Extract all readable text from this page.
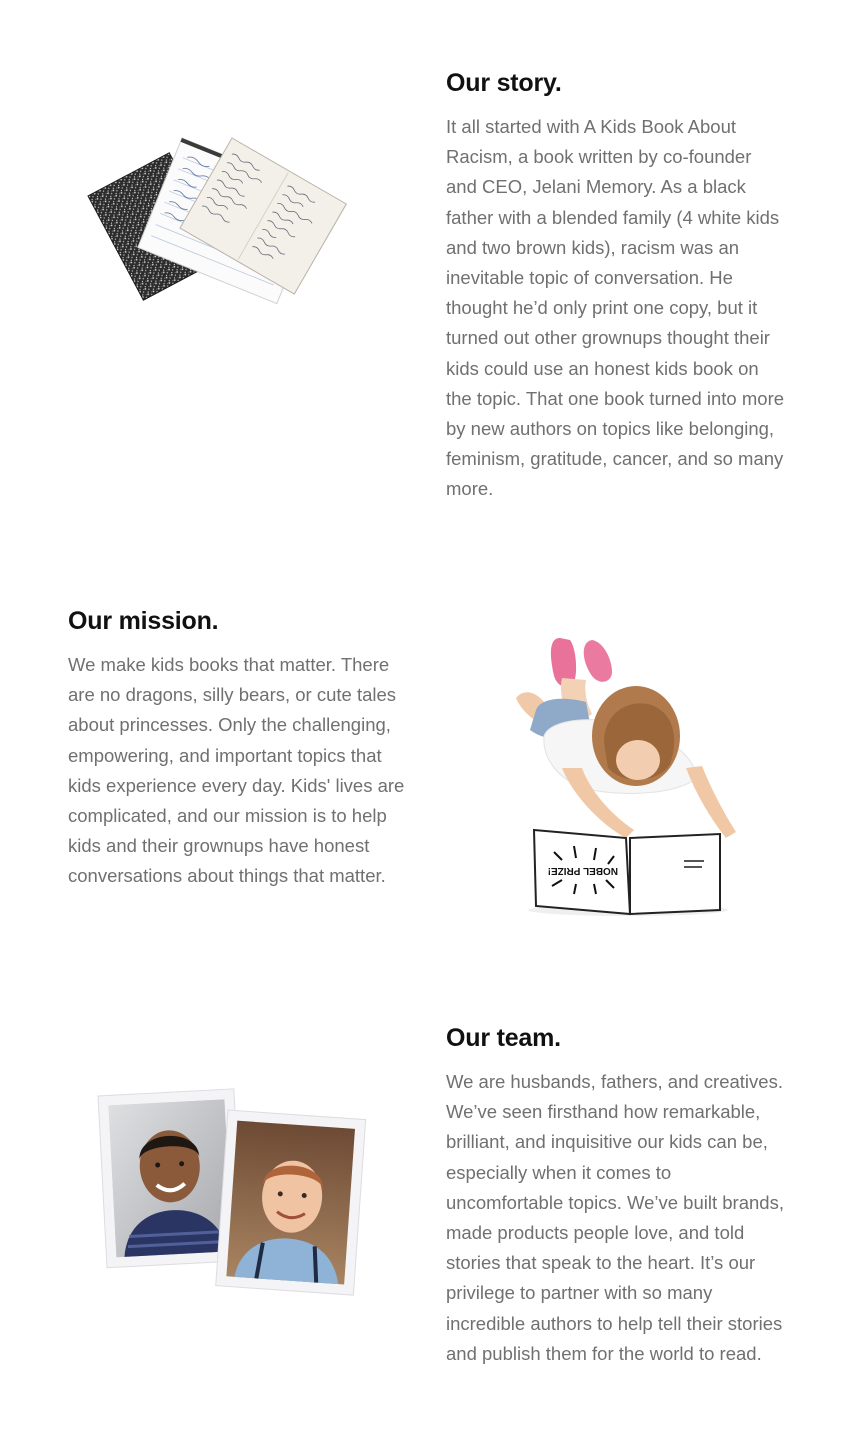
Our story.

It all started with A Kids Book About Racism, a book written by co-founder and CEO, Jelani Memory. As a black father with a blended family (4 white kids and two brown kids), racism was an inevitable topic of conversation. He thought he’d only print one copy, but it turned out other grownups thought their kids could use an honest kids book on the topic. That one book turned into more by new authors on topics like belonging, feminism, gratitude, cancer, and so many more.

Our mission.

We make kids books that matter. There are no dragons, silly bears, or cute tales about princesses. Only the challenging, empowering, and important topics that kids experience every day. Kids' lives are complicated, and our mission is to help kids and their grownups have honest conversations about things that matter.	NOBEL PRIZE!
Our team.

We are husbands, fathers, and creatives. We’ve seen firsthand how remarkable, brilliant, and inquisitive our kids can be, especially when it comes to uncomfortable topics. We’ve built brands, made products people love, and told stories that speak to the heart. It’s our privilege to partner with so many incredible authors to help tell their stories and publish them for the world to read.
